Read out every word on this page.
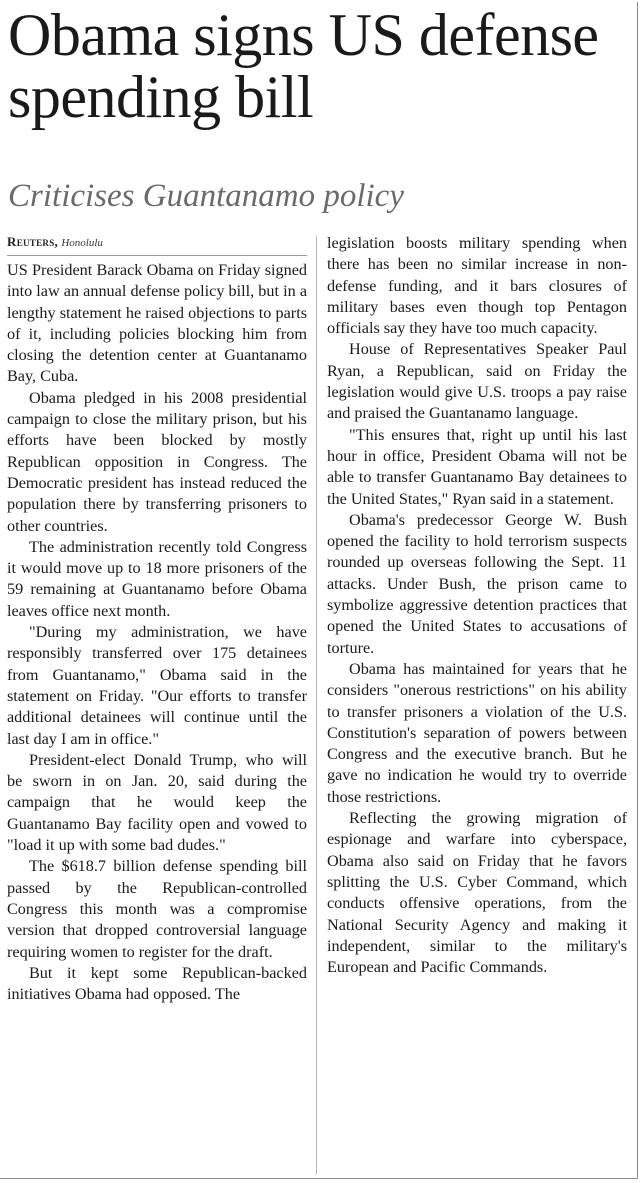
Obama signs US defense spending bill
Criticises Guantanamo policy
Reuters, Honolulu

US President Barack Obama on Friday signed into law an annual defense policy bill, but in a lengthy statement he raised objections to parts of it, including policies blocking him from closing the detention center at Guantanamo Bay, Cuba.

Obama pledged in his 2008 presidential campaign to close the military prison, but his efforts have been blocked by mostly Republican opposition in Congress. The Democratic president has instead reduced the population there by transferring prisoners to other countries.

The administration recently told Congress it would move up to 18 more prisoners of the 59 remaining at Guantanamo before Obama leaves office next month.

"During my administration, we have responsibly transferred over 175 detainees from Guantanamo," Obama said in the statement on Friday. "Our efforts to transfer additional detainees will continue until the last day I am in office."

President-elect Donald Trump, who will be sworn in on Jan. 20, said during the campaign that he would keep the Guantanamo Bay facility open and vowed to "load it up with some bad dudes."

The $618.7 billion defense spending bill passed by the Republican-controlled Congress this month was a compromise version that dropped controversial language requiring women to register for the draft.

But it kept some Republican-backed initiatives Obama had opposed. The

legislation boosts military spending when there has been no similar increase in non-defense funding, and it bars closures of military bases even though top Pentagon officials say they have too much capacity.

House of Representatives Speaker Paul Ryan, a Republican, said on Friday the legislation would give U.S. troops a pay raise and praised the Guantanamo language.

"This ensures that, right up until his last hour in office, President Obama will not be able to transfer Guantanamo Bay detainees to the United States," Ryan said in a statement.

Obama's predecessor George W. Bush opened the facility to hold terrorism suspects rounded up overseas following the Sept. 11 attacks. Under Bush, the prison came to symbolize aggressive detention practices that opened the United States to accusations of torture.

Obama has maintained for years that he considers "onerous restrictions" on his ability to transfer prisoners a violation of the U.S. Constitution's separation of powers between Congress and the executive branch. But he gave no indication he would try to override those restrictions.

Reflecting the growing migration of espionage and warfare into cyberspace, Obama also said on Friday that he favors splitting the U.S. Cyber Command, which conducts offensive operations, from the National Security Agency and making it independent, similar to the military's European and Pacific Commands.
